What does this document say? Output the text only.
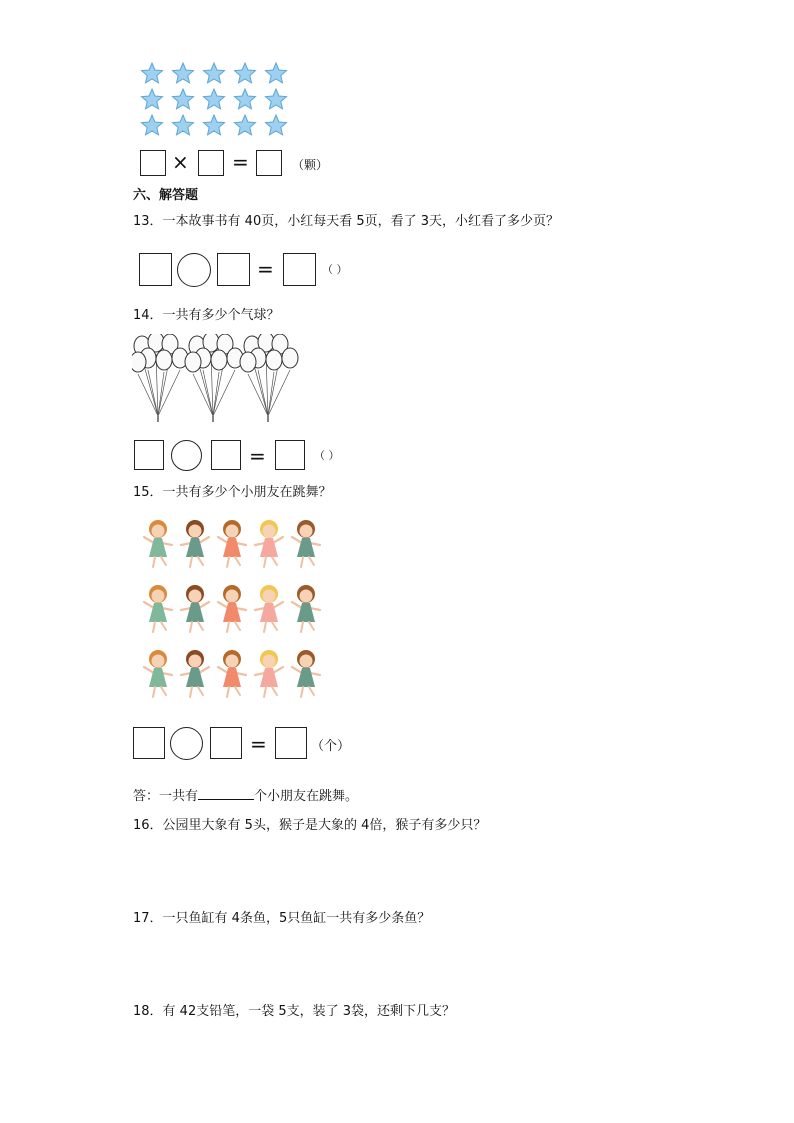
× =	（颗）
六、解答题
13．一本故事书有 40页，小红每天看 5页，看了 3天，小红看了多少页？
=	（ ）
14．一共有多少个气球？
=	（ ）
15．一共有多少个小朋友在跳舞？
=	（个）
答：一共有	个小朋友在跳舞。
16．公园里大象有 5头，猴子是大象的 4倍，猴子有多少只？
17．一只鱼缸有 4条鱼，5只鱼缸一共有多少条鱼？
18．有 42支铅笔，一袋 5支，装了 3袋，还剩下几支？
